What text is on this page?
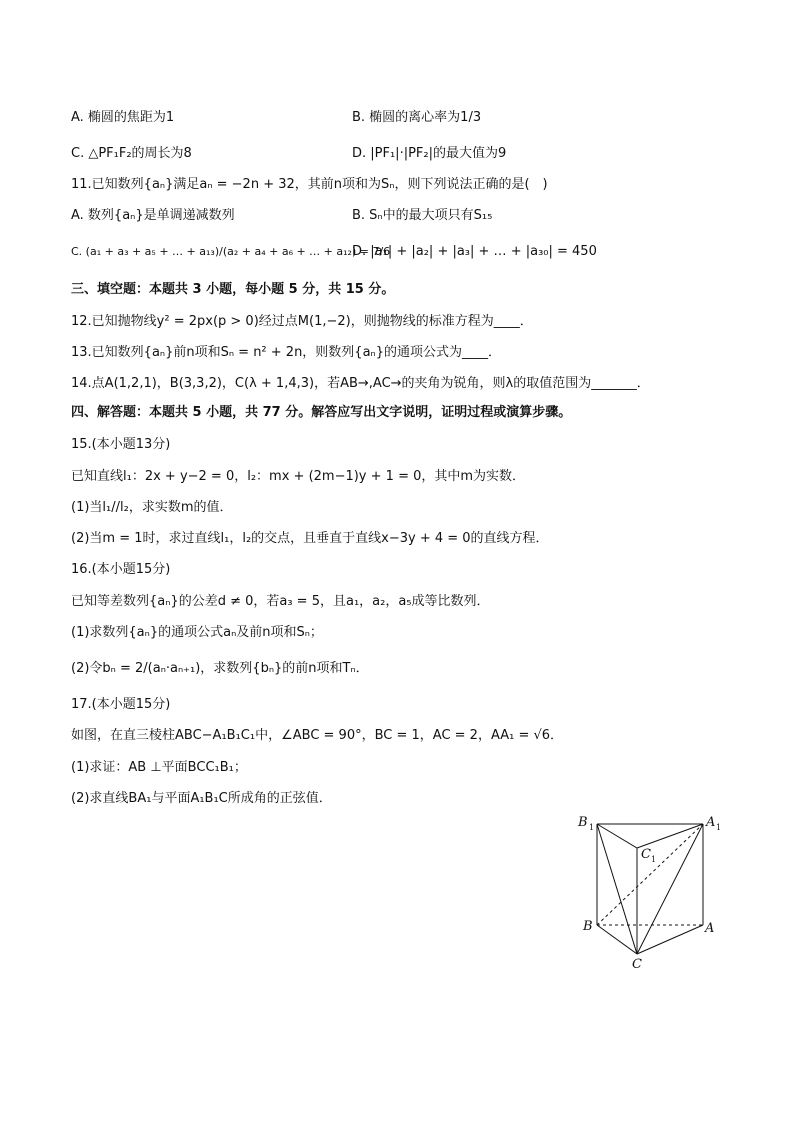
A. 椭圆的焦距为1	B. 椭圆的离心率为1/3
C. △PF₁F₂的周长为8	D. |PF₁|·|PF₂|的最大值为9
11.已知数列{aₙ}满足aₙ = −2n + 32，其前n项和为Sₙ，则下列说法正确的是(　)
A. 数列{aₙ}是单调递减数列	B. Sₙ中的最大项只有S₁₅
C. (a₁ + a₃ + a₅ + … + a₁₃)/(a₂ + a₄ + a₆ + … + a₁₂) = 7/6
D. |a₁| + |a₂| + |a₃| + … + |a₃₀| = 450
三、填空题：本题共 3 小题，每小题 5 分，共 15 分。
12.已知抛物线y² = 2px(p > 0)经过点M(1,−2)，则抛物线的标准方程为____．
13.已知数列{aₙ}前n项和Sₙ = n² + 2n，则数列{aₙ}的通项公式为____．
14.点A(1,2,1)，B(3,3,2)，C(λ + 1,4,3)，若AB→,AC→的夹角为锐角，则λ的取值范围为_______．
四、解答题：本题共 5 小题，共 77 分。解答应写出文字说明，证明过程或演算步骤。
15.(本小题13分)
已知直线l₁：2x + y−2 = 0，l₂：mx + (2m−1)y + 1 = 0，其中m为实数．
(1)当l₁//l₂，求实数m的值．
(2)当m = 1时，求过直线l₁，l₂的交点，且垂直于直线x−3y + 4 = 0的直线方程．
16.(本小题15分)
已知等差数列{aₙ}的公差d ≠ 0，若a₃ = 5，且a₁，a₂，a₅成等比数列．
(1)求数列{aₙ}的通项公式aₙ及前n项和Sₙ；
(2)令bₙ = 2/(aₙ·aₙ₊₁)，求数列{bₙ}的前n项和Tₙ．
17.(本小题15分)
如图，在直三棱柱ABC−A₁B₁C₁中，∠ABC = 90°，BC = 1，AC = 2，AA₁ = √6．
(1)求证：AB ⊥平面BCC₁B₁；
(2)求直线BA₁与平面A₁B₁C所成角的正弦值．
B 1	A 1
C 1
B	A
C
